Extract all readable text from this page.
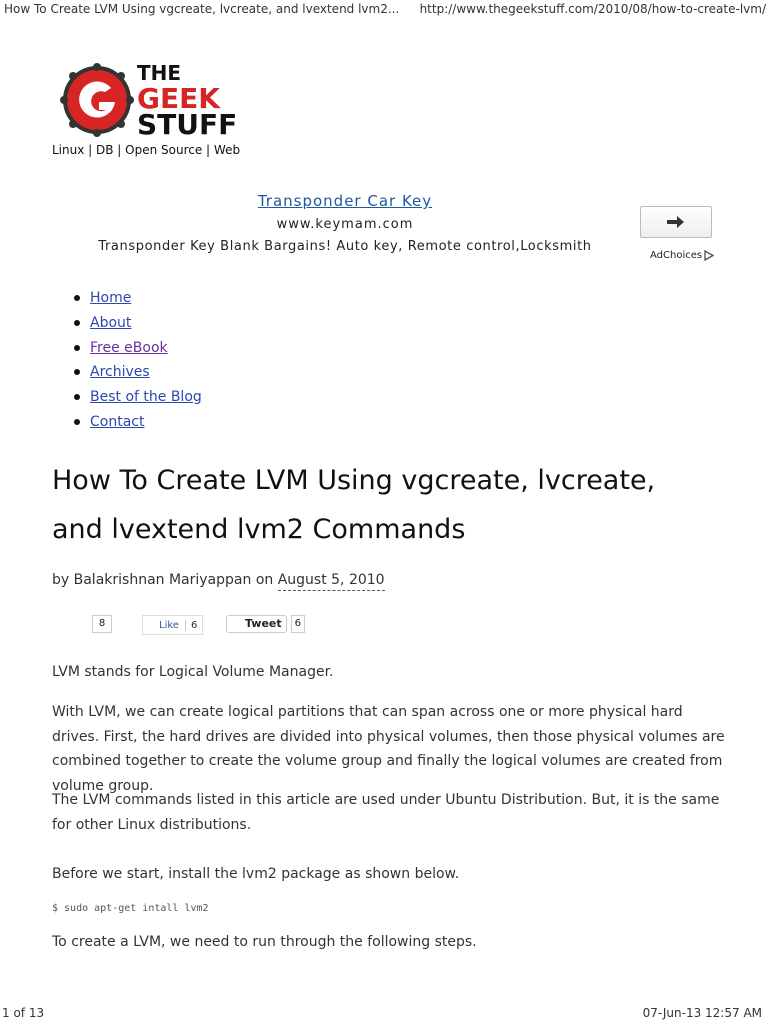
How To Create LVM Using vgcreate, lvcreate, and lvextend lvm2... http://www.thegeekstuff.com/2010/08/how-to-create-lvm/
THE
GEEK
STUFF
Linux | DB | Open Source | Web
Transponder Car Key
www.keymam.com
Transponder Key Blank Bargains! Auto key, Remote control,Locksmith
AdChoices
Home
About
Free eBook
Archives
Best of the Blog
Contact
How To Create LVM Using vgcreate, lvcreate,
and lvextend lvm2 Commands
by Balakrishnan Mariyappan on August 5, 2010
8	Like	6	Tweet	6

LVM stands for Logical Volume Manager.

With LVM, we can create logical partitions that can span across one or more physical hard drives. First, the hard drives are divided into physical volumes, then those physical volumes are combined together to create the volume group and finally the logical volumes are created from volume group.

The LVM commands listed in this article are used under Ubuntu Distribution. But, it is the same for other Linux distributions.

Before we start, install the lvm2 package as shown below.

$ sudo apt-get intall lvm2

To create a LVM, we need to run through the following steps.

1 of 13	07-Jun-13 12:57 AM
